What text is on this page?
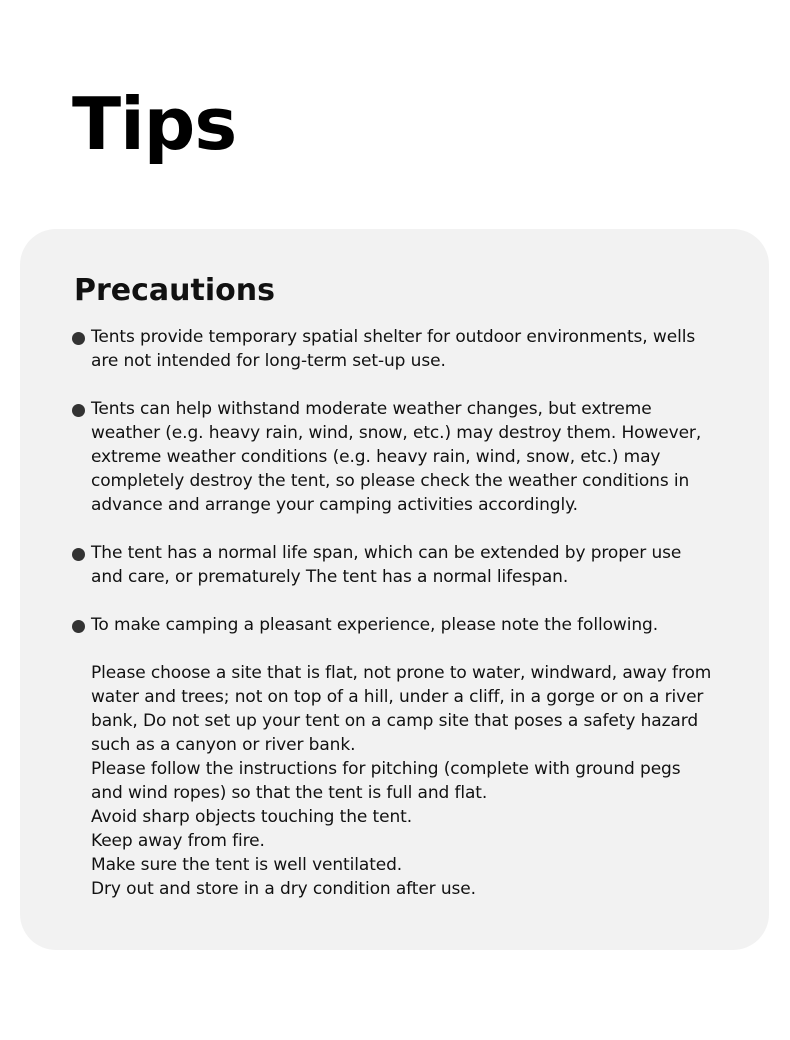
Tips
Precautions
Tents provide temporary spatial shelter for outdoor environments, wells are not intended for long-term set-up use.
Tents can help withstand moderate weather changes, but extreme weather (e.g. heavy rain, wind, snow, etc.) may destroy them. However, extreme weather conditions (e.g. heavy rain, wind, snow, etc.) may completely destroy the tent, so please check the weather conditions in advance and arrange your camping activities accordingly.
The tent has a normal life span, which can be extended by proper use and care, or prematurely The tent has a normal lifespan.
To make camping a pleasant experience, please note the following.
Please choose a site that is flat, not prone to water, windward, away from water and trees; not on top of a hill, under a cliff, in a gorge or on a river bank, Do not set up your tent on a camp site that poses a safety hazard such as a canyon or river bank.
Please follow the instructions for pitching (complete with ground pegs and wind ropes) so that the tent is full and flat.
Avoid sharp objects touching the tent.
Keep away from fire.
Make sure the tent is well ventilated.
Dry out and store in a dry condition after use.
